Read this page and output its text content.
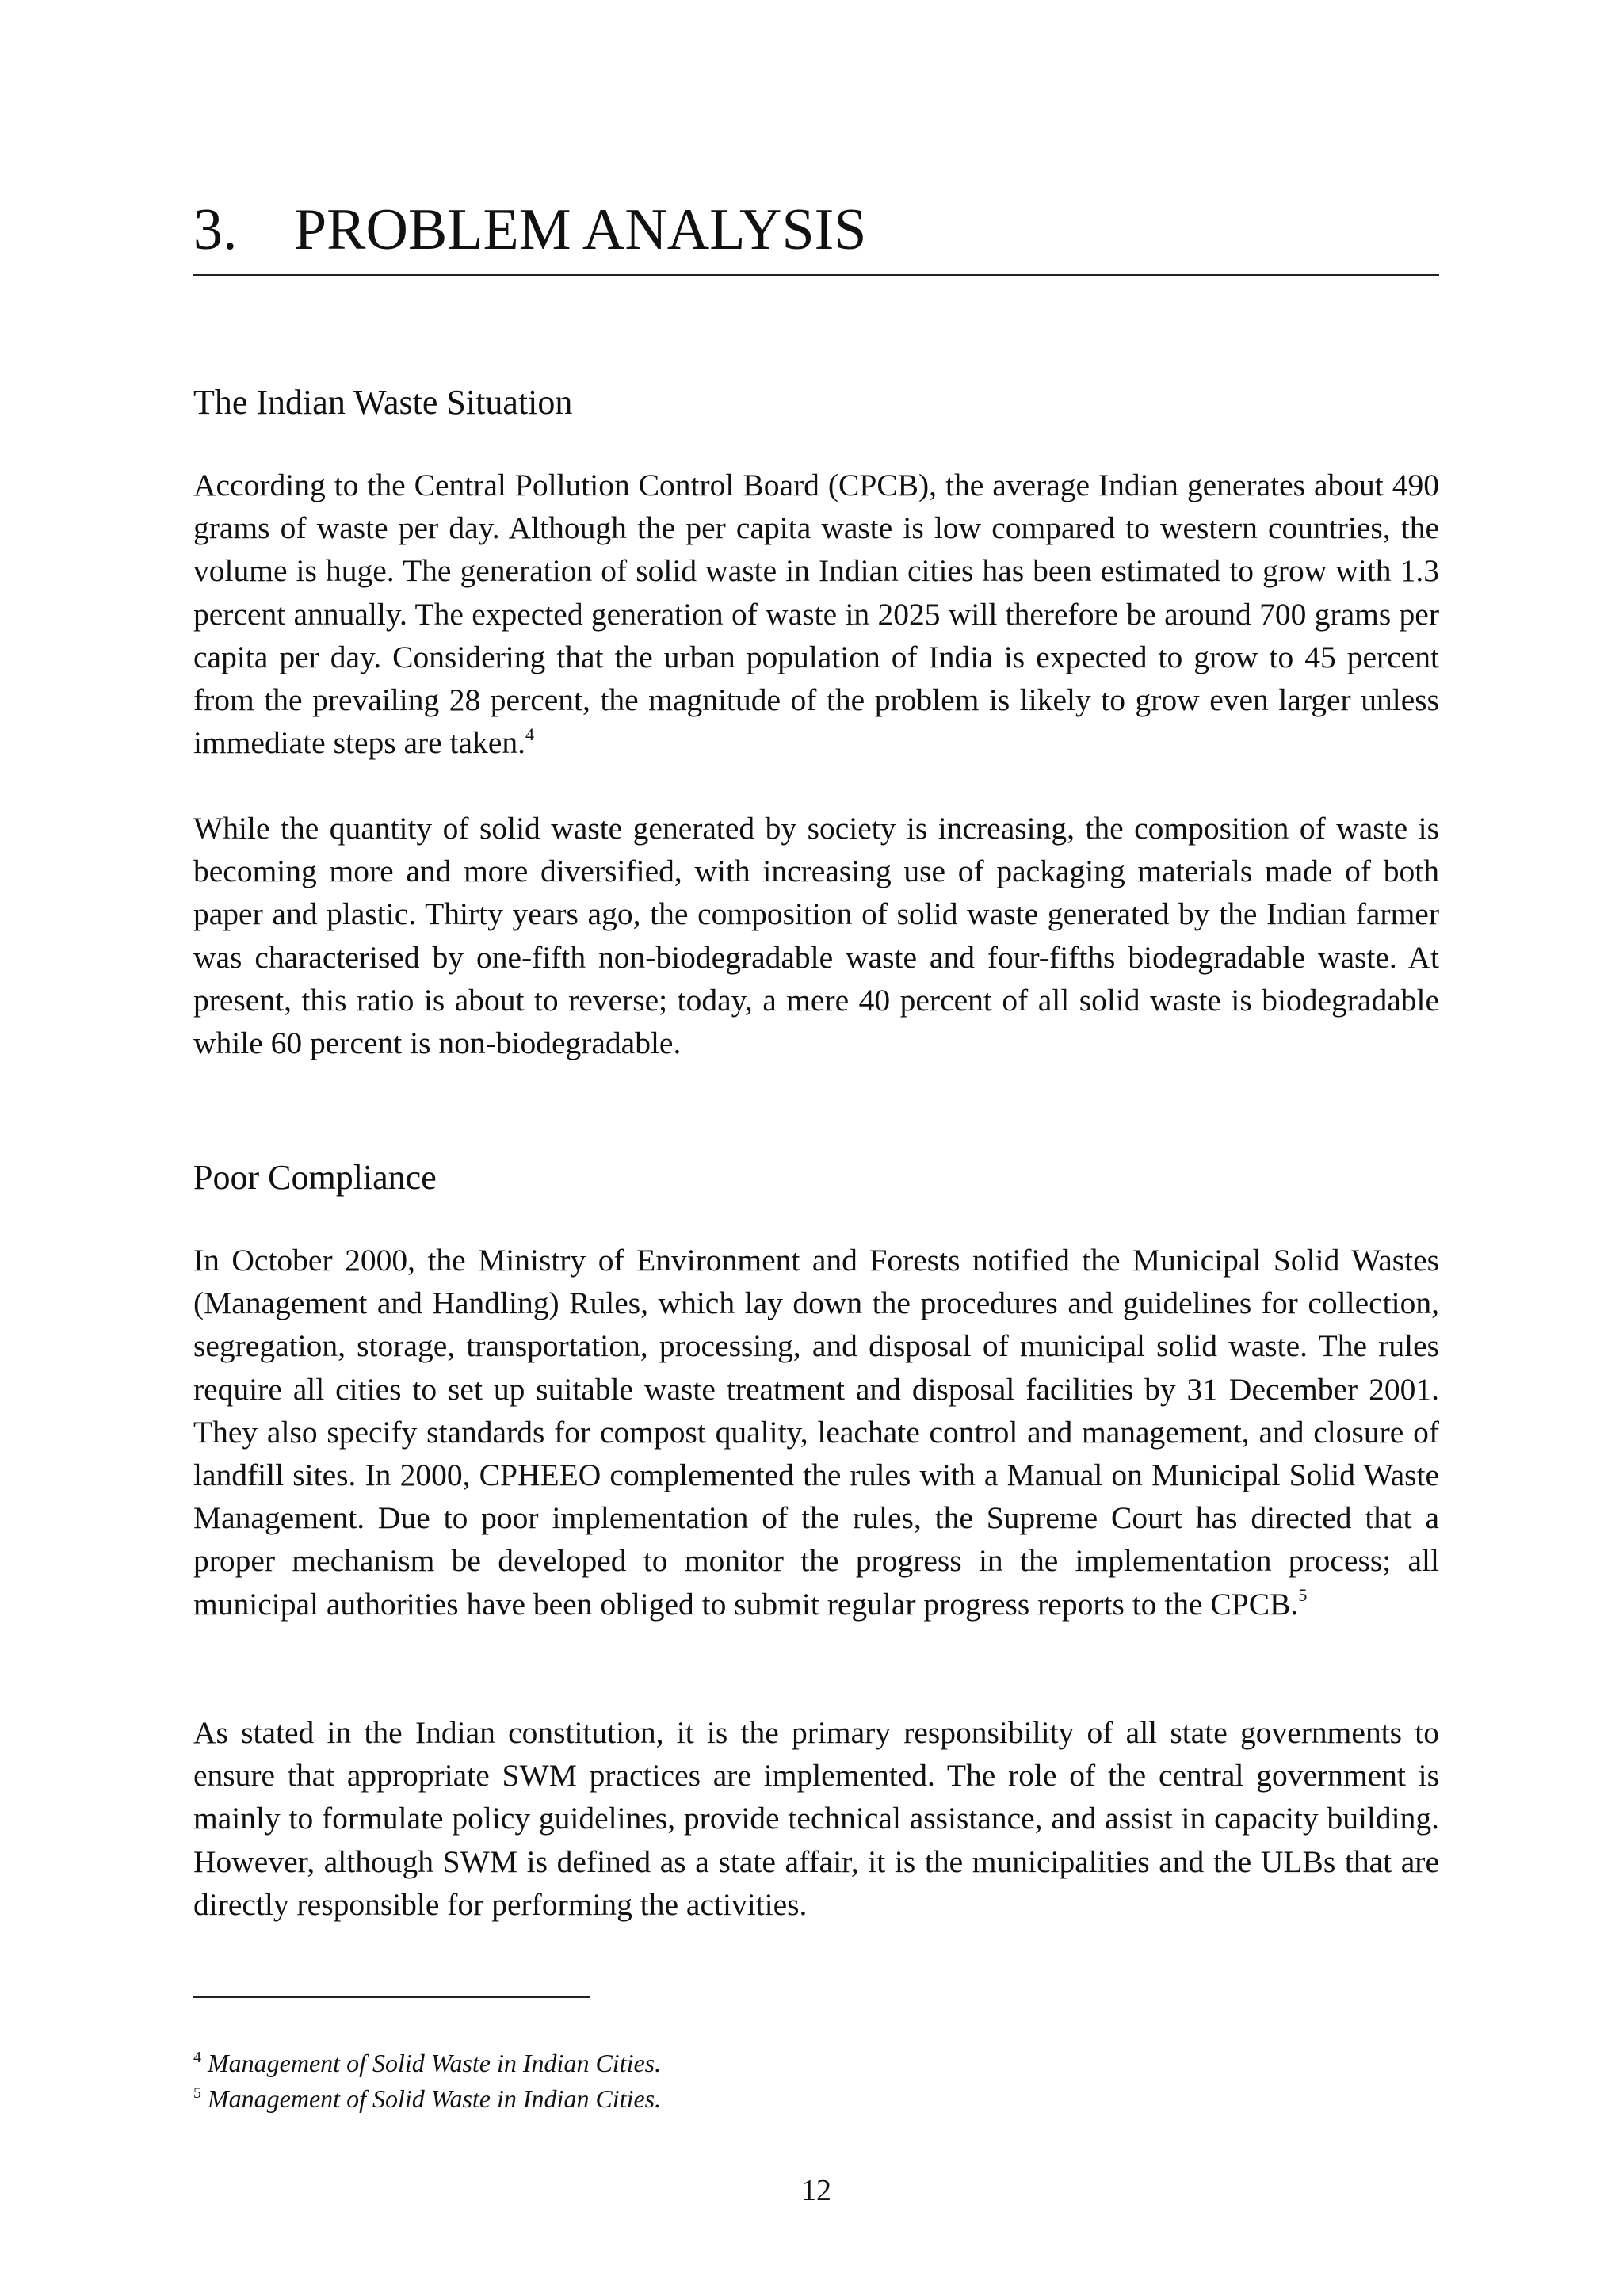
3. PROBLEM ANALYSIS
The Indian Waste Situation

According to the Central Pollution Control Board (CPCB), the average Indian generates about 490 grams of waste per day. Although the per capita waste is low compared to western countries, the volume is huge. The generation of solid waste in Indian cities has been estimated to grow with 1.3 percent annually. The expected generation of waste in 2025 will therefore be around 700 grams per capita per day. Considering that the urban population of India is expected to grow to 45 percent from the prevailing 28 percent, the magnitude of the problem is likely to grow even larger unless immediate steps are taken.$^4$

While the quantity of solid waste generated by society is increasing, the composition of waste is becoming more and more diversified, with increasing use of packaging materials made of both paper and plastic. Thirty years ago, the composition of solid waste generated by the Indian farmer was characterised by one-fifth non-biodegradable waste and four-fifths biodegradable waste. At present, this ratio is about to reverse; today, a mere 40 percent of all solid waste is biodegradable while 60 percent is non-biodegradable.

Poor Compliance

In October 2000, the Ministry of Environment and Forests notified the Municipal Solid Wastes (Management and Handling) Rules, which lay down the procedures and guidelines for collection, segregation, storage, transportation, processing, and disposal of municipal solid waste. The rules require all cities to set up suitable waste treatment and disposal facilities by 31 December 2001. They also specify standards for compost quality, leachate control and management, and closure of landfill sites. In 2000, CPHEEO complemented the rules with a Manual on Municipal Solid Waste Management. Due to poor implementation of the rules, the Supreme Court has directed that a proper mechanism be developed to monitor the progress in the implementation process; all municipal authorities have been obliged to submit regular progress reports to the CPCB.$^5$

As stated in the Indian constitution, it is the primary responsibility of all state governments to ensure that appropriate SWM practices are implemented. The role of the central government is mainly to formulate policy guidelines, provide technical assistance, and assist in capacity building. However, although SWM is defined as a state affair, it is the municipalities and the ULBs that are directly responsible for performing the activities.

$^4$ Management of Solid Waste in Indian Cities.

$^5$ Management of Solid Waste in Indian Cities.

12
